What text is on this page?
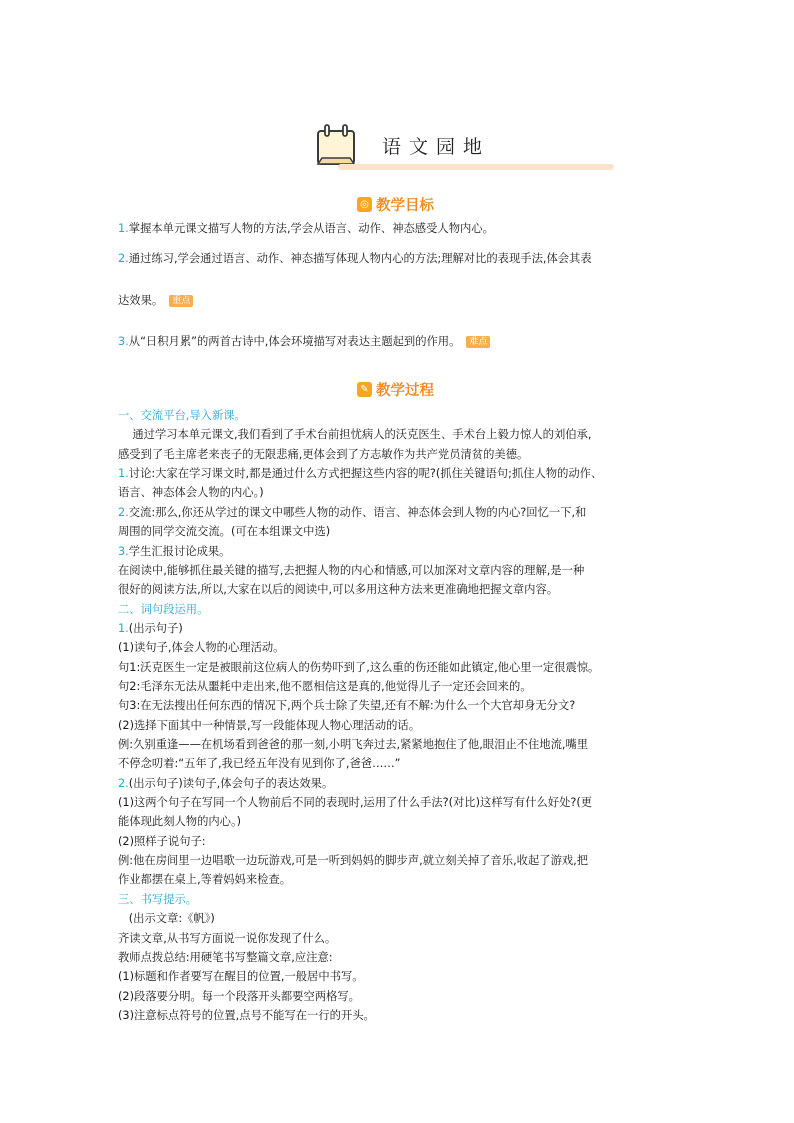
语文园地
◎ 教学目标
1.掌握本单元课文描写人物的方法,学会从语言、动作、神态感受人物内心。
2.通过练习,学会通过语言、动作、神态描写体现人物内心的方法;理解对比的表现手法,体会其表
达效果。 重点
3.从“日积月累”的两首古诗中,体会环境描写对表达主题起到的作用。 难点
✎ 教学过程
一、交流平台,导入新课。
通过学习本单元课文,我们看到了手术台前担忧病人的沃克医生、手术台上毅力惊人的刘伯承,
感受到了毛主席老来丧子的无限悲痛,更体会到了方志敏作为共产党员清贫的美德。
1.讨论:大家在学习课文时,都是通过什么方式把握这些内容的呢?(抓住关键语句;抓住人物的动作、
语言、神态体会人物的内心。)
2.交流:那么,你还从学过的课文中哪些人物的动作、语言、神态体会到人物的内心?回忆一下,和
周围的同学交流交流。(可在本组课文中选)
3.学生汇报讨论成果。
在阅读中,能够抓住最关键的描写,去把握人物的内心和情感,可以加深对文章内容的理解,是一种
很好的阅读方法,所以,大家在以后的阅读中,可以多用这种方法来更准确地把握文章内容。
二、词句段运用。
1.(出示句子)
(1)读句子,体会人物的心理活动。
句1:沃克医生一定是被眼前这位病人的伤势吓到了,这么重的伤还能如此镇定,他心里一定很震惊。
句2:毛泽东无法从噩耗中走出来,他不愿相信这是真的,他觉得儿子一定还会回来的。
句3:在无法搜出任何东西的情况下,两个兵士除了失望,还有不解:为什么一个大官却身无分文?
(2)选择下面其中一种情景,写一段能体现人物心理活动的话。
例:久别重逢——在机场看到爸爸的那一刻,小明飞奔过去,紧紧地抱住了他,眼泪止不住地流,嘴里
不停念叨着:“五年了,我已经五年没有见到你了,爸爸……”
2.(出示句子)读句子,体会句子的表达效果。
(1)这两个句子在写同一个人物前后不同的表现时,运用了什么手法?(对比)这样写有什么好处?(更
能体现此刻人物的内心。)
(2)照样子说句子:
例:他在房间里一边唱歌一边玩游戏,可是一听到妈妈的脚步声,就立刻关掉了音乐,收起了游戏,把
作业都摆在桌上,等着妈妈来检查。
三、书写提示。
(出示文章:《帆》)
齐读文章,从书写方面说一说你发现了什么。
教师点拨总结:用硬笔书写整篇文章,应注意:
(1)标题和作者要写在醒目的位置,一般居中书写。
(2)段落要分明。每一个段落开头都要空两格写。
(3)注意标点符号的位置,点号不能写在一行的开头。
